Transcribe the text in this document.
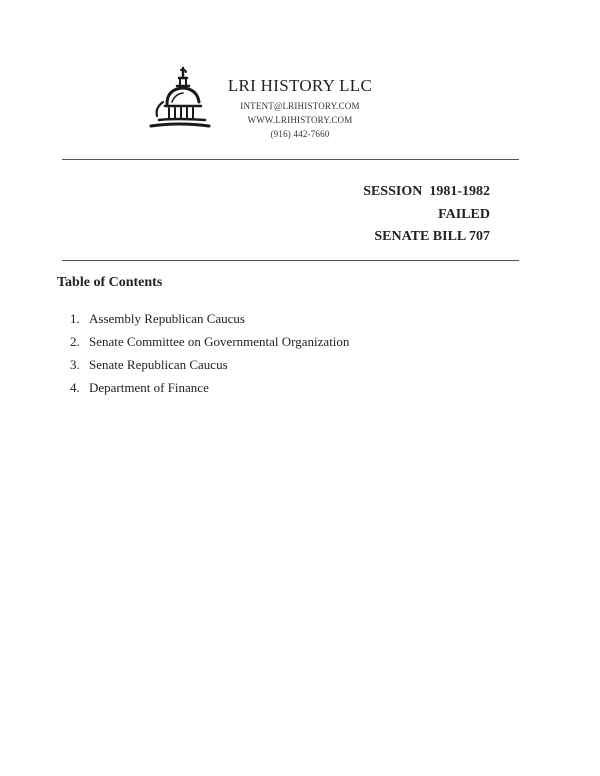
LRI HISTORY LLC
INTENT@LRIHISTORY.COM
WWW.LRIHISTORY.COM
(916) 442-7660
SESSION  1981-1982
FAILED
SENATE BILL 707
Table of Contents
1. Assembly Republican Caucus
2. Senate Committee on Governmental Organization
3. Senate Republican Caucus
4. Department of Finance
